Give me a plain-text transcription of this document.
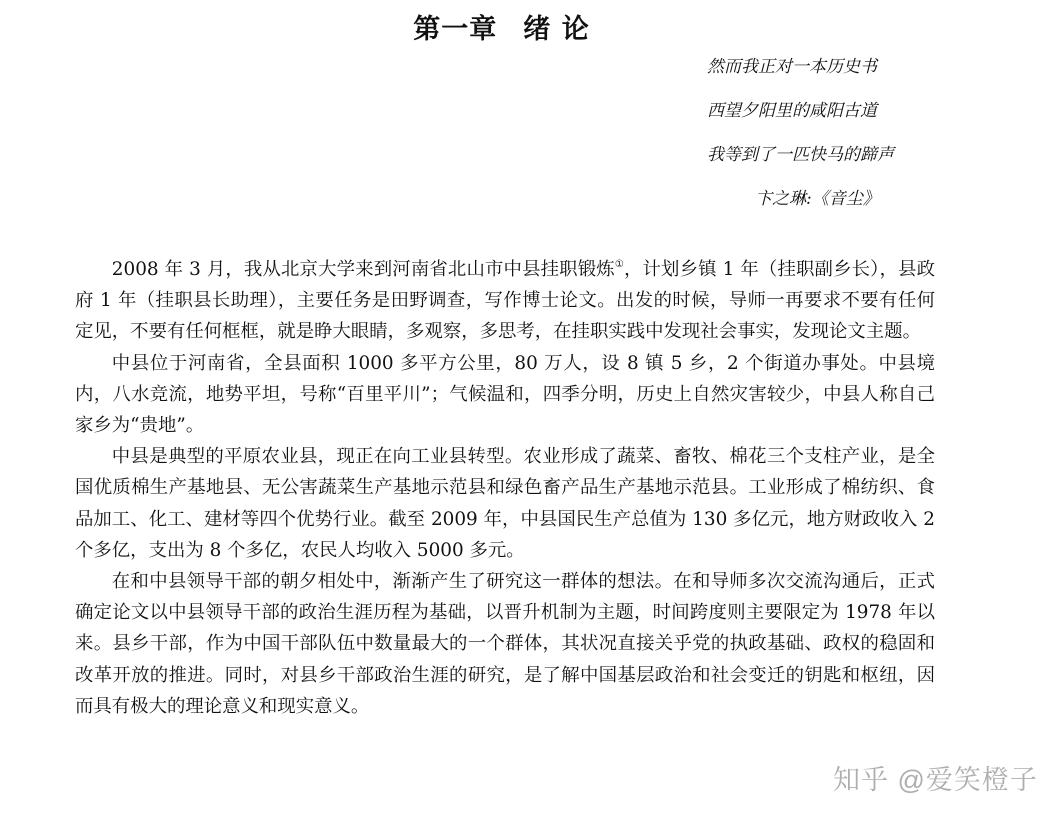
第一章 绪 论
然而我正对一本历史书
西望夕阳里的咸阳古道
我等到了一匹快马的蹄声
卞之琳:《音尘》

2008 年 3 月，我从北京大学来到河南省北山市中县挂职锻炼①，计划乡镇 1 年（挂职副乡长），县政府 1 年（挂职县长助理），主要任务是田野调查，写作博士论文。出发的时候，导师一再要求不要有任何定见，不要有任何框框，就是睁大眼睛，多观察，多思考，在挂职实践中发现社会事实，发现论文主题。

中县位于河南省，全县面积 1000 多平方公里，80 万人，设 8 镇 5 乡，2 个街道办事处。中县境内，八水竞流，地势平坦，号称“百里平川”；气候温和，四季分明，历史上自然灾害较少，中县人称自己家乡为“贵地”。

中县是典型的平原农业县，现正在向工业县转型。农业形成了蔬菜、畜牧、棉花三个支柱产业，是全国优质棉生产基地县、无公害蔬菜生产基地示范县和绿色畜产品生产基地示范县。工业形成了棉纺织、食品加工、化工、建材等四个优势行业。截至 2009 年，中县国民生产总值为 130 多亿元，地方财政收入 2 个多亿，支出为 8 个多亿，农民人均收入 5000 多元。

在和中县领导干部的朝夕相处中，渐渐产生了研究这一群体的想法。在和导师多次交流沟通后，正式确定论文以中县领导干部的政治生涯历程为基础，以晋升机制为主题，时间跨度则主要限定为 1978 年以来。县乡干部，作为中国干部队伍中数量最大的一个群体，其状况直接关乎党的执政基础、政权的稳固和改革开放的推进。同时，对县乡干部政治生涯的研究，是了解中国基层政治和社会变迁的钥匙和枢纽，因而具有极大的理论意义和现实意义。

知乎 @爱笑橙子
